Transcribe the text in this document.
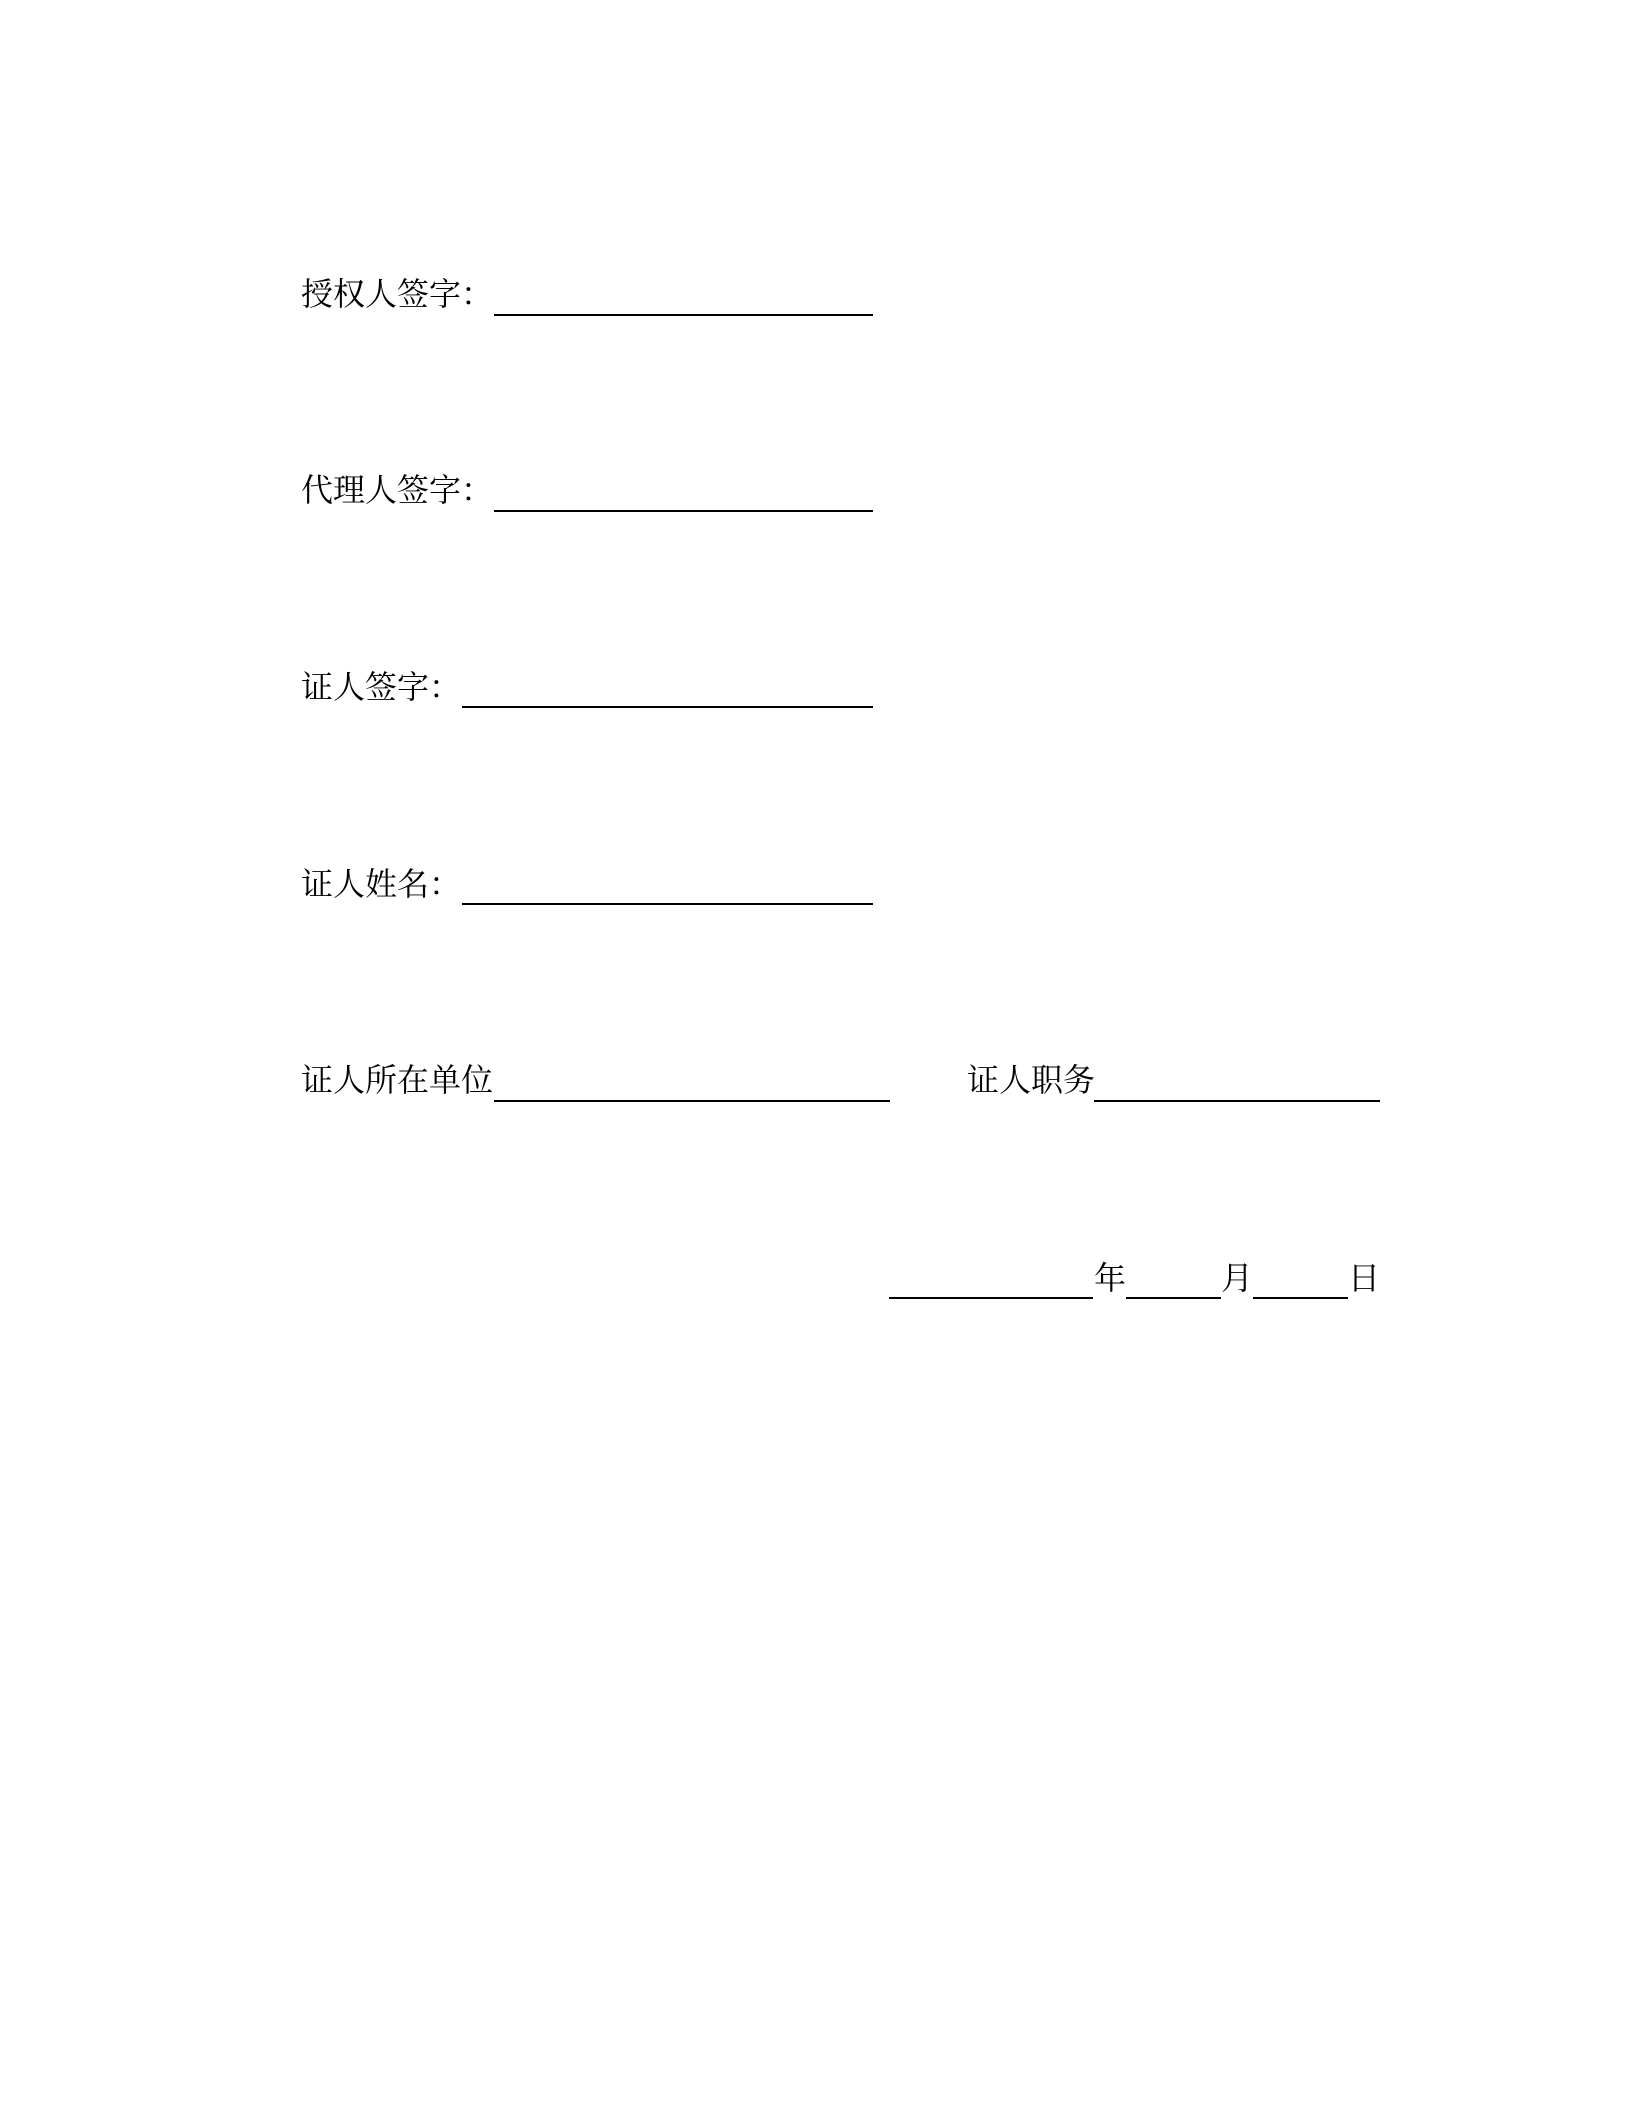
授权人签字：
代理人签字：
证人签字：
证人姓名：
证人所在单位	证人职务
年	月	日
